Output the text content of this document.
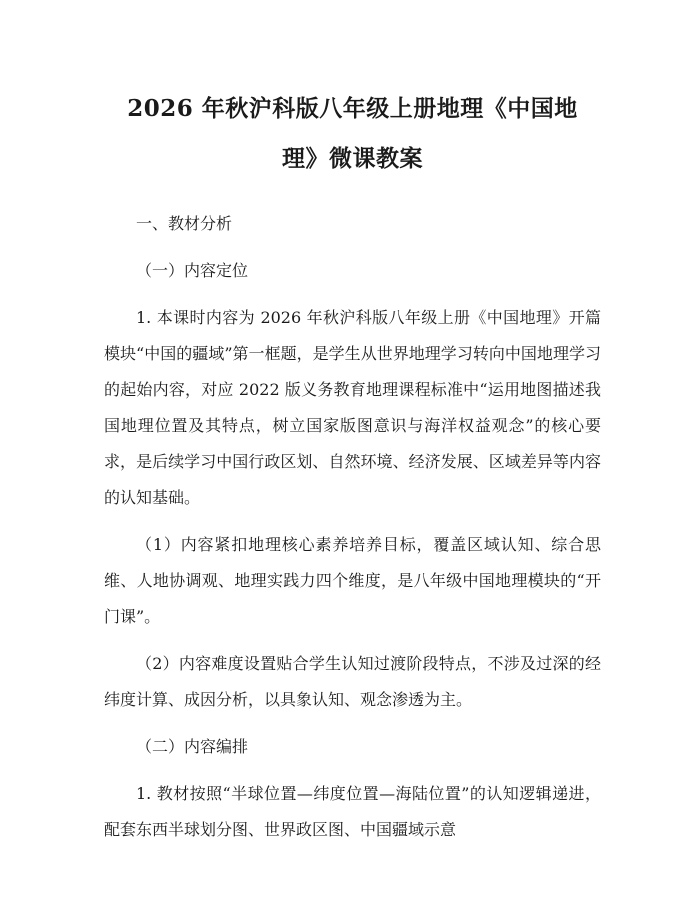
2026 年秋沪科版八年级上册地理《中国地
理》微课教案

一、教材分析

（一）内容定位

1. 本课时内容为 2026 年秋沪科版八年级上册《中国地理》开篇模块“中国的疆域”第一框题，是学生从世界地理学习转向中国地理学习的起始内容，对应 2022 版义务教育地理课程标准中“运用地图描述我国地理位置及其特点，树立国家版图意识与海洋权益观念”的核心要求，是后续学习中国行政区划、自然环境、经济发展、区域差异等内容的认知基础。

（1）内容紧扣地理核心素养培养目标，覆盖区域认知、综合思维、人地协调观、地理实践力四个维度，是八年级中国地理模块的“开门课”。

（2）内容难度设置贴合学生认知过渡阶段特点，不涉及过深的经纬度计算、成因分析，以具象认知、观念渗透为主。

（二）内容编排

1. 教材按照“半球位置—纬度位置—海陆位置”的认知逻辑递进，配套东西半球划分图、世界政区图、中国疆域示意
